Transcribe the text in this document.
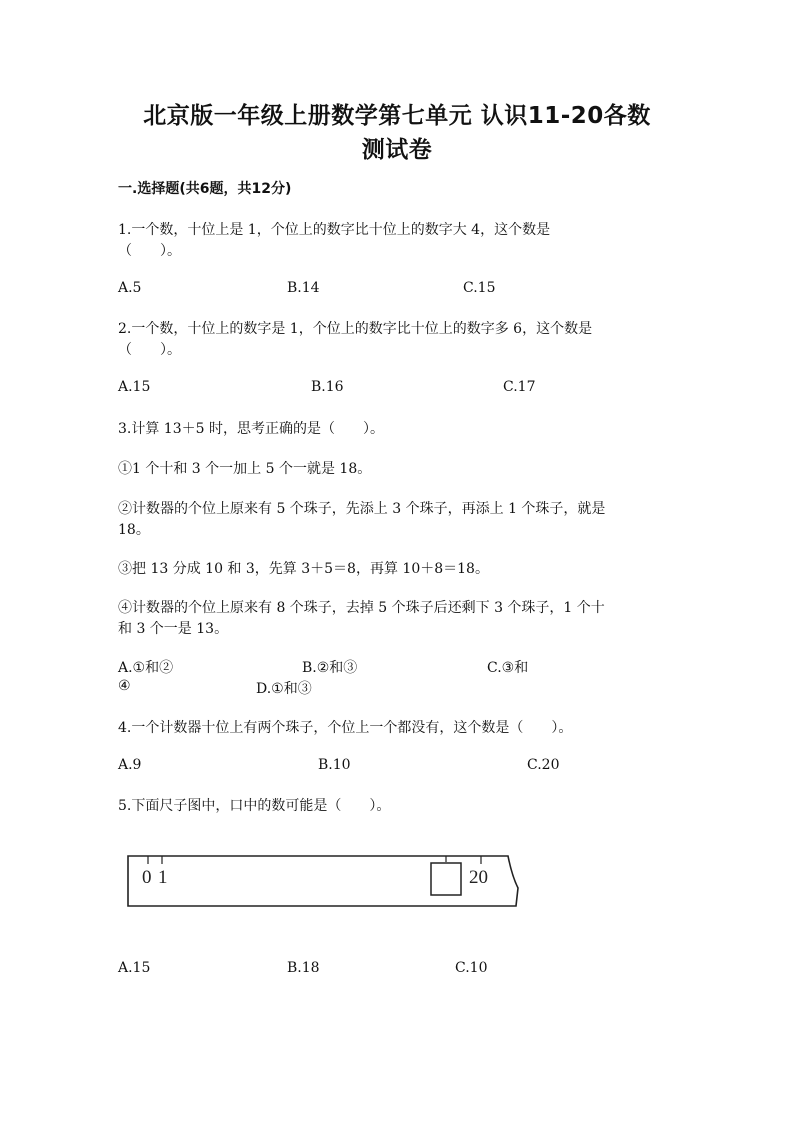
北京版一年级上册数学第七单元 认识11-20各数
测试卷
一.选择题(共6题，共12分)
1.一个数，十位上是 1，个位上的数字比十位上的数字大 4，这个数是
（　　）。
A.5	B.14	C.15
2.一个数，十位上的数字是 1，个位上的数字比十位上的数字多 6，这个数是
（　　）。
A.15	B.16	C.17
3.计算 13＋5 时，思考正确的是（　　）。
①1 个十和 3 个一加上 5 个一就是 18。
②计数器的个位上原来有 5 个珠子，先添上 3 个珠子，再添上 1 个珠子，就是
18。
③把 13 分成 10 和 3，先算 3＋5＝8，再算 10＋8＝18。
④计数器的个位上原来有 8 个珠子，去掉 5 个珠子后还剩下 3 个珠子，1 个十
和 3 个一是 13。
A.①和②	B.②和③	C.③和
④	D.①和③
4.一个计数器十位上有两个珠子，个位上一个都没有，这个数是（　　）。
A.9	B.10	C.20
5.下面尺子图中，口中的数可能是（　　）。
0 1	20
A.15	B.18	C.10
